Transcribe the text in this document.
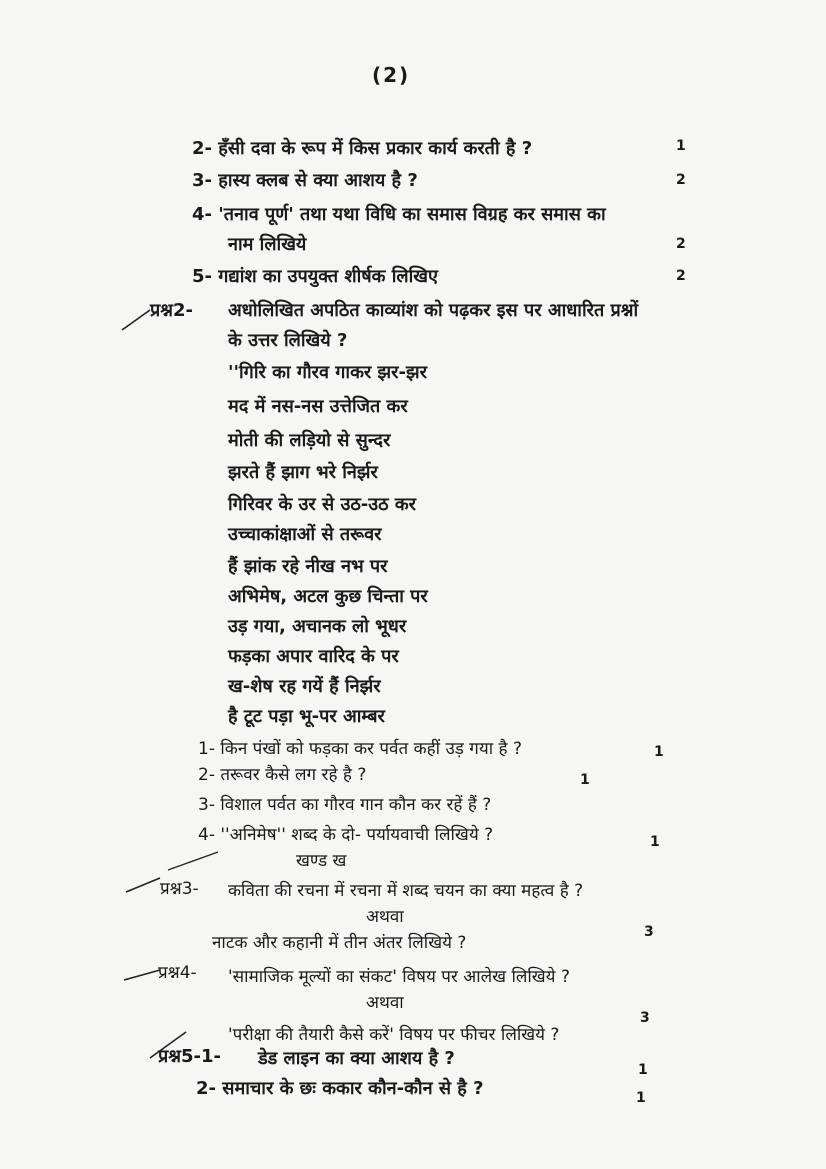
(2)
2- हँसी दवा के रूप में किस प्रकार कार्य करती है ?	1
3- हास्य क्लब से क्या आशय है ?	2
4- 'तनाव पूर्ण' तथा यथा विधि का समास विग्रह कर समास का
नाम लिखिये	2
5- गद्यांश का उपयुक्त शीर्षक लिखिए	2
प्रश्न2- अधोलिखित अपठित काव्यांश को पढ़कर इस पर आधारित प्रश्नों
के उत्तर लिखिये ?
''गिरि का गौरव गाकर झर-झर
मद में नस-नस उत्तेजित कर
मोती की लड़ियो से सुन्दर
झरते हैं झाग भरे निर्झर
गिरिवर के उर से उठ-उठ कर
उच्चाकांक्षाओं से तरूवर
हैं झांक रहे नीख नभ पर
अभिमेष, अटल कुछ चिन्ता पर
उड़ गया, अचानक लो भूधर
फड़का अपार वारिद के पर
ख-शेष रह गयें हैं निर्झर
है टूट पड़ा भू-पर आम्बर
1- किन पंखों को फड़का कर पर्वत कहीं उड़ गया है ?	1
2- तरूवर कैसे लग रहे है ?	1
3- विशाल पर्वत का गौरव गान कौन कर रहें हैं ?
4- ''अनिमेष'' शब्द के दो- पर्यायवाची लिखिये ?	1
खण्ड ख
प्रश्न3- कविता की रचना में रचना में शब्द चयन का क्या महत्व है ?
अथवा
नाटक और कहानी में तीन अंतर लिखिये ?
3
प्रश्न4- 'सामाजिक मूल्यों का संकट' विषय पर आलेख लिखिये ?
अथवा
'परीक्षा की तैयारी कैसे करें' विषय पर फीचर लिखिये ?
3
प्रश्न5-1- डेड लाइन का क्या आशय है ?
1
2- समाचार के छः ककार कौन-कौन से है ?	1
